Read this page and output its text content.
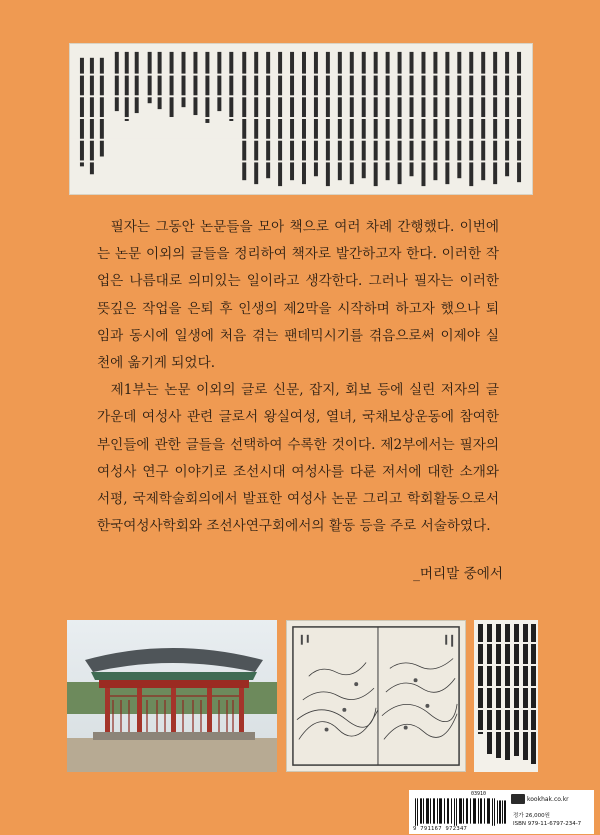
필자는 그동안 논문들을 모아 책으로 여러 차례 간행했다. 이번에는 논문 이외의 글들을 정리하여 책자로 발간하고자 한다. 이러한 작업은 나름대로 의미있는 일이라고 생각한다. 그러나 필자는 이러한 뜻깊은 작업을 은퇴 후 인생의 제2막을 시작하며 하고자 했으나 퇴임과 동시에 일생에 처음 겪는 팬데믹시기를 겪음으로써 이제야 실천에 옮기게 되었다.

제1부는 논문 이외의 글로 신문, 잡지, 회보 등에 실린 저자의 글 가운데 여성사 관련 글로서 왕실여성, 열녀, 국채보상운동에 참여한 부인들에 관한 글들을 선택하여 수록한 것이다. 제2부에서는 필자의 여성사 연구 이야기로 조선시대 여성사를 다룬 저서에 대한 소개와 서평, 국제학술회의에서 발표한 여성사 논문 그리고 학회활동으로서 한국여성사학회와 조선사연구회에서의 활동 등을 주로 서술하였다.

_머리말 중에서
03910
9 791167 972347
kookhak.co.kr
정가 26,000원
ISBN 979-11-6797-234-7
